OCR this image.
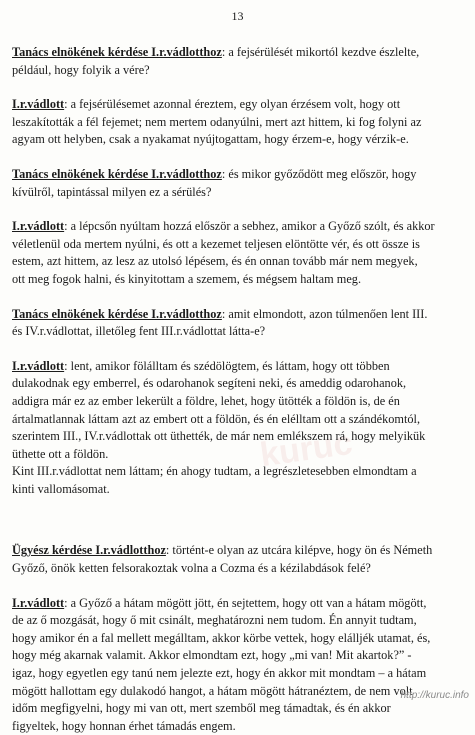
13
kuruc
Tanács elnökének kérdése I.r.vádlotthoz: a fejsérülését mikortól kezdve észlelte,
például, hogy folyik a vére?
I.r.vádlott: a fejsérülésemet azonnal éreztem, egy olyan érzésem volt, hogy ott
leszakították a fél fejemet; nem mertem odanyúlni, mert azt hittem, ki fog folyni az
agyam ott helyben, csak a nyakamat nyújtogattam, hogy érzem-e, hogy vérzik-e.
Tanács elnökének kérdése I.r.vádlotthoz: és mikor győződött meg először, hogy
kívülről, tapintással milyen ez a sérülés?
I.r.vádlott: a lépcsőn nyúltam hozzá először a sebhez, amikor a Győző szólt, és akkor
véletlenül oda mertem nyúlni, és ott a kezemet teljesen elöntötte vér, és ott össze is
estem, azt hittem, az lesz az utolsó lépésem, és én onnan tovább már nem megyek,
ott meg fogok halni, és kinyitottam a szemem, és mégsem haltam meg.
Tanács elnökének kérdése I.r.vádlotthoz: amit elmondott, azon túlmenően lent III.
és IV.r.vádlottat, illetőleg fent III.r.vádlottat látta-e?
I.r.vádlott: lent, amikor fölálltam és szédölögtem, és láttam, hogy ott többen
dulakodnak egy emberrel, és odarohanok segíteni neki, és ameddig odarohanok,
addigra már ez az ember lekerült a földre, lehet, hogy ütötték a földön is, de én
ártalmatlannak láttam azt az embert ott a földön, és én elélltam ott a szándékomtól,
szerintem III., IV.r.vádlottak ott üthették, de már nem emlékszem rá, hogy melyikük
üthette ott a földön.
Kint III.r.vádlottat nem láttam; én ahogy tudtam, a legrészletesebben elmondtam a
kinti vallomásomat.
Ügyész kérdése I.r.vádlotthoz: történt-e olyan az utcára kilépve, hogy ön és Németh
Győző, önök ketten felsorakoztak volna a Cozma és a kézilabdások felé?
I.r.vádlott: a Győző a hátam mögött jött, én sejtettem, hogy ott van a hátam mögött,
de az ő mozgását, hogy ő mit csinált, meghatározni nem tudom. Én annyit tudtam,
hogy amikor én a fal mellett megálltam, akkor körbe vettek, hogy elálljék utamat, és,
hogy még akarnak valamit. Akkor elmondtam ezt, hogy „mi van! Mit akartok?” -
igaz, hogy egyetlen egy tanú nem jelezte ezt, hogy én akkor mit mondtam – a hátam
mögött hallottam egy dulakodó hangot, a hátam mögött hátranéztem, de nem volt
időm megfigyelni, hogy mi van ott, mert szemből meg támadtak, és én akkor
figyeltek, hogy honnan érhet támadás engem.
http://kuruc.info
